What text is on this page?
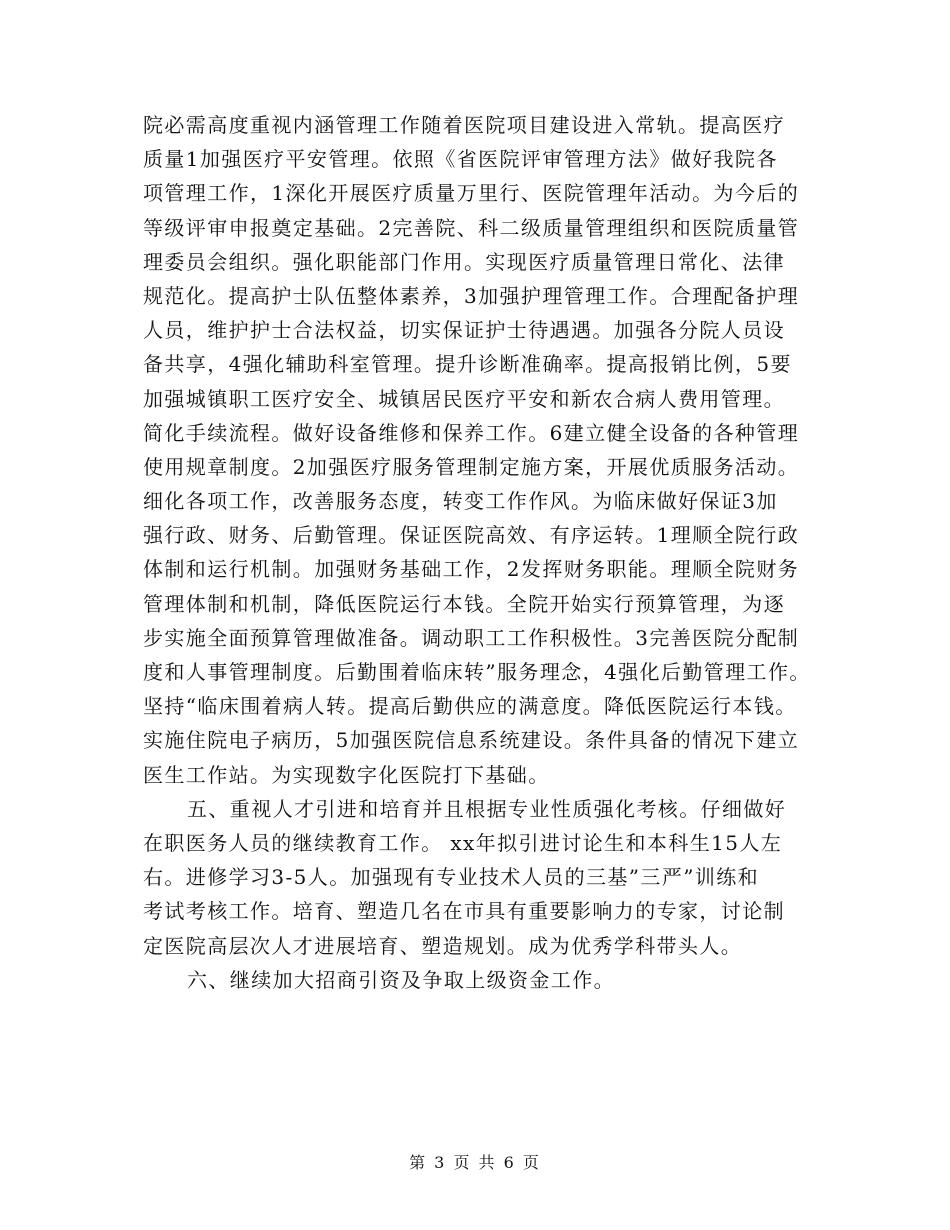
院必需高度重视内涵管理工作随着医院项目建设进入常轨。提高医疗
质量1加强医疗平安管理。依照《省医院评审管理方法》做好我院各
项管理工作，1深化开展医疗质量万里行、医院管理年活动。为今后的
等级评审申报奠定基础。2完善院、科二级质量管理组织和医院质量管
理委员会组织。强化职能部门作用。实现医疗质量管理日常化、法律
规范化。提高护士队伍整体素养，3加强护理管理工作。合理配备护理
人员，维护护士合法权益，切实保证护士待遇遇。加强各分院人员设
备共享，4强化辅助科室管理。提升诊断准确率。提高报销比例，5要
加强城镇职工医疗安全、城镇居民医疗平安和新农合病人费用管理。
简化手续流程。做好设备维修和保养工作。6建立健全设备的各种管理
使用规章制度。2加强医疗服务管理制定施方案，开展优质服务活动。
细化各项工作，改善服务态度，转变工作作风。为临床做好保证3加
强行政、财务、后勤管理。保证医院高效、有序运转。1理顺全院行政
体制和运行机制。加强财务基础工作，2发挥财务职能。理顺全院财务
管理体制和机制，降低医院运行本钱。全院开始实行预算管理，为逐
步实施全面预算管理做准备。调动职工工作积极性。3完善医院分配制
度和人事管理制度。后勤围着临床转”服务理念，4强化后勤管理工作。
坚持“临床围着病人转。提高后勤供应的满意度。降低医院运行本钱。
实施住院电子病历，5加强医院信息系统建设。条件具备的情况下建立
医生工作站。为实现数字化医院打下基础。
五、重视人才引进和培育并且根据专业性质强化考核。仔细做好
在职医务人员的继续教育工作。 xx年拟引进讨论生和本科生15人左
右。进修学习3-5人。加强现有专业技术人员的三基”三严”训练和
考试考核工作。培育、塑造几名在市具有重要影响力的专家，讨论制
定医院高层次人才进展培育、塑造规划。成为优秀学科带头人。
六、继续加大招商引资及争取上级资金工作。
第 3 页 共 6 页
